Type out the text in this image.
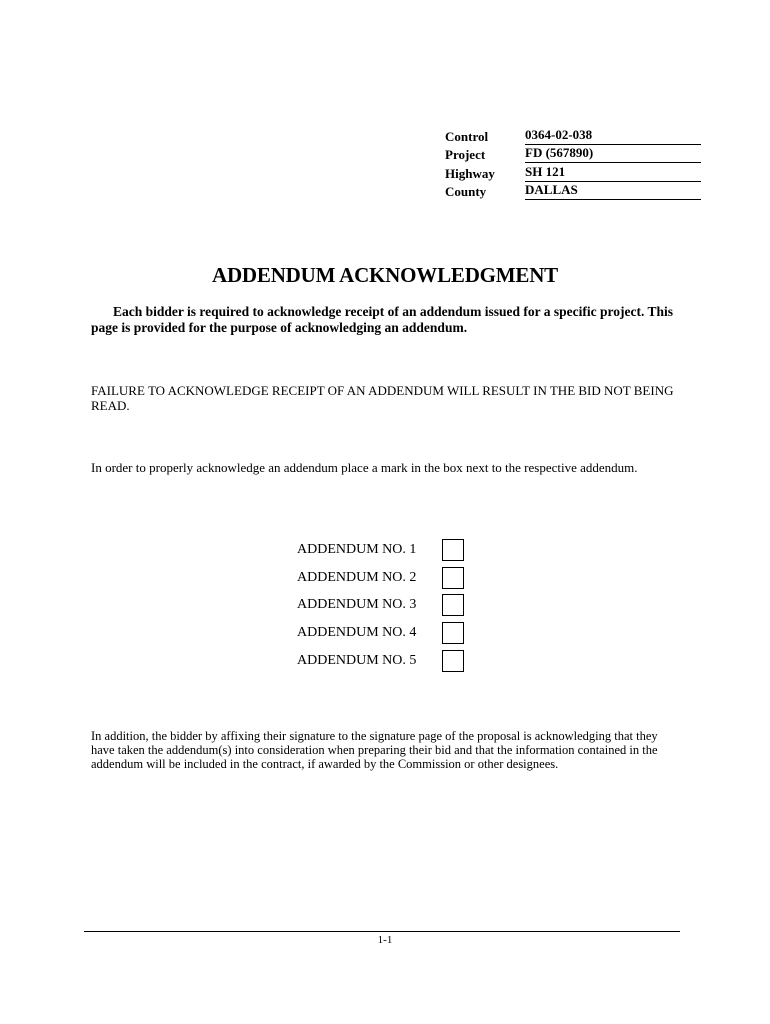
Control	0364-02-038
Project	FD (567890)
Highway	SH 121
County	DALLAS
ADDENDUM ACKNOWLEDGMENT

Each bidder is required to acknowledge receipt of an addendum issued for a specific project. This page is provided for the purpose of acknowledging an addendum.

FAILURE TO ACKNOWLEDGE RECEIPT OF AN ADDENDUM WILL RESULT IN THE BID NOT BEING READ.

In order to properly acknowledge an addendum place a mark in the box next to the respective addendum.

ADDENDUM NO. 1
ADDENDUM NO. 2
ADDENDUM NO. 3
ADDENDUM NO. 4
ADDENDUM NO. 5

In addition, the bidder by affixing their signature to the signature page of the proposal is acknowledging that they have taken the addendum(s) into consideration when preparing their bid and that the information contained in the addendum will be included in the contract, if awarded by the Commission or other designees.

1-1
